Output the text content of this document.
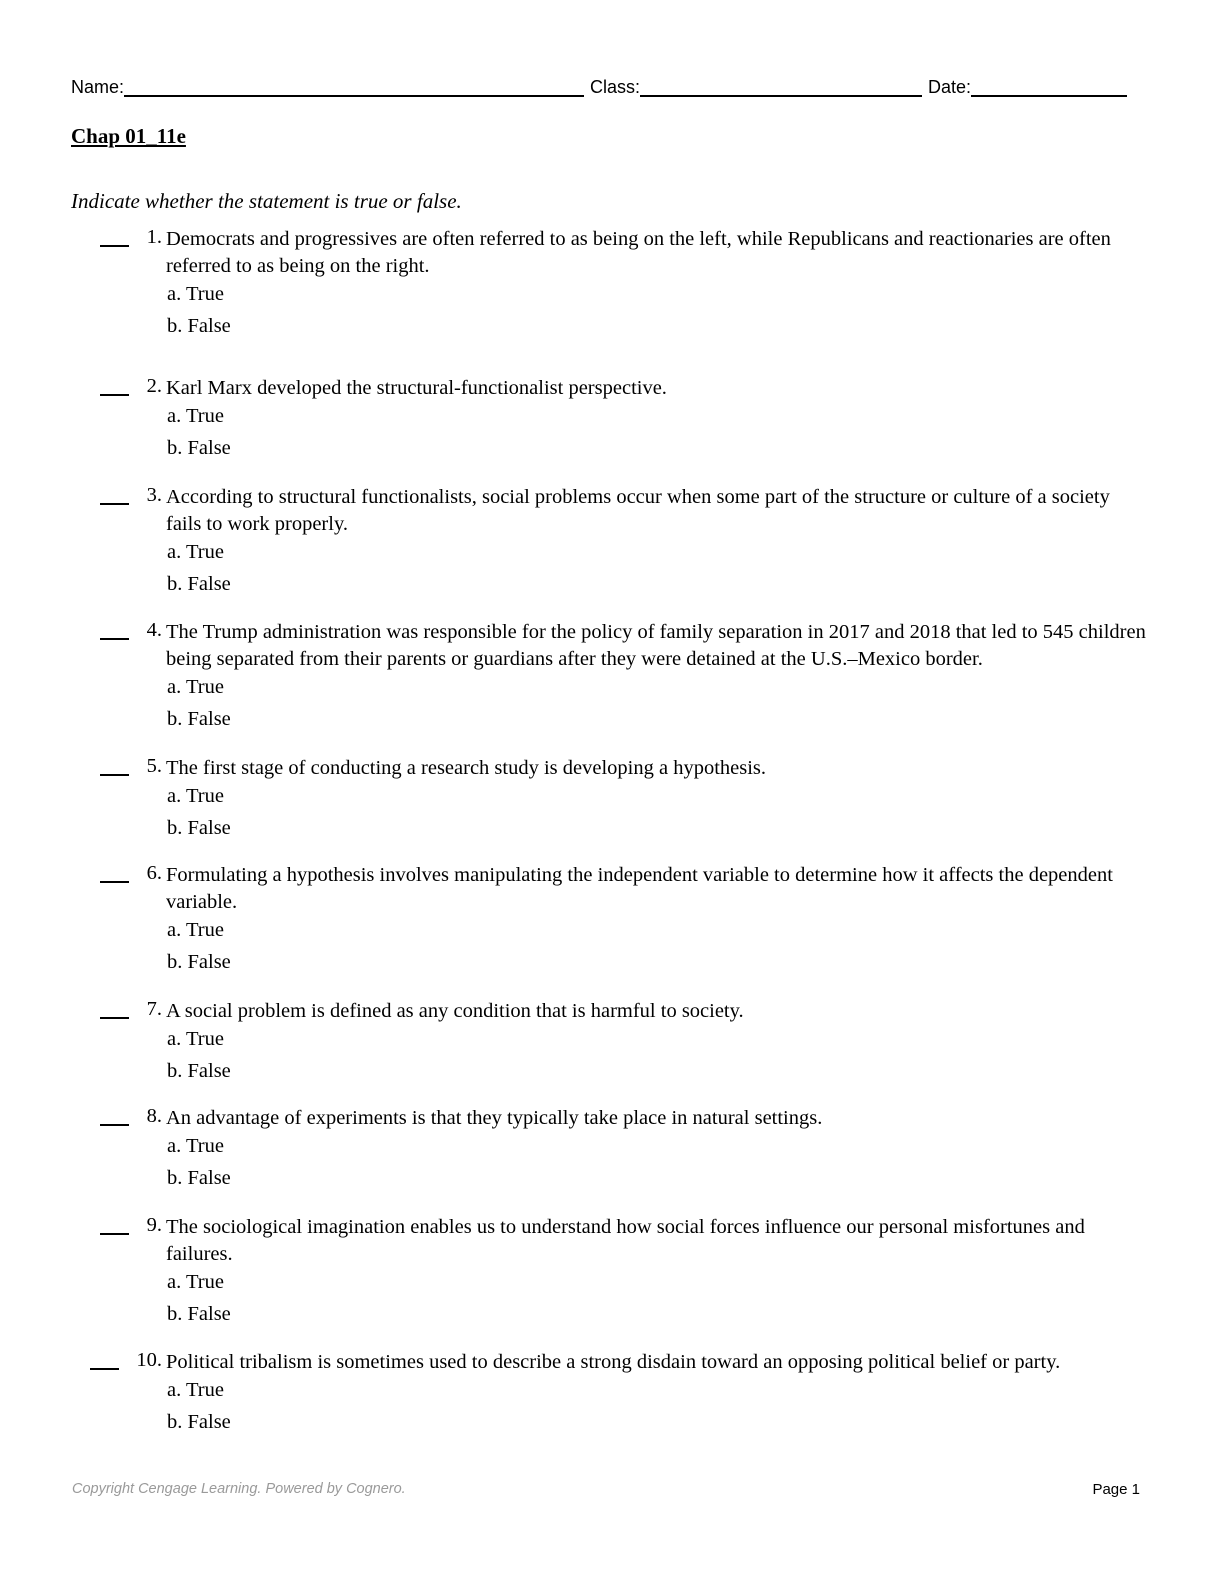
Name:	Class:	Date:
Chap 01_11e
Indicate whether the statement is true or false.
1. Democrats and progressives are often referred to as being on the left, while Republicans and reactionaries are often referred to as being on the right.
a. True
b. False
2. Karl Marx developed the structural-functionalist perspective.
a. True
b. False
3. According to structural functionalists, social problems occur when some part of the structure or culture of a society fails to work properly.
a. True
b. False
4. The Trump administration was responsible for the policy of family separation in 2017 and 2018 that led to 545 children being separated from their parents or guardians after they were detained at the U.S.–Mexico border.
a. True
b. False
5. The first stage of conducting a research study is developing a hypothesis.
a. True
b. False
6. Formulating a hypothesis involves manipulating the independent variable to determine how it affects the dependent variable.
a. True
b. False
7. A social problem is defined as any condition that is harmful to society.
a. True
b. False
8. An advantage of experiments is that they typically take place in natural settings.
a. True
b. False
9. The sociological imagination enables us to understand how social forces influence our personal misfortunes and failures.
a. True
b. False
10. Political tribalism is sometimes used to describe a strong disdain toward an opposing political belief or party.
a. True
b. False
Copyright Cengage Learning. Powered by Cognero.	Page 1
